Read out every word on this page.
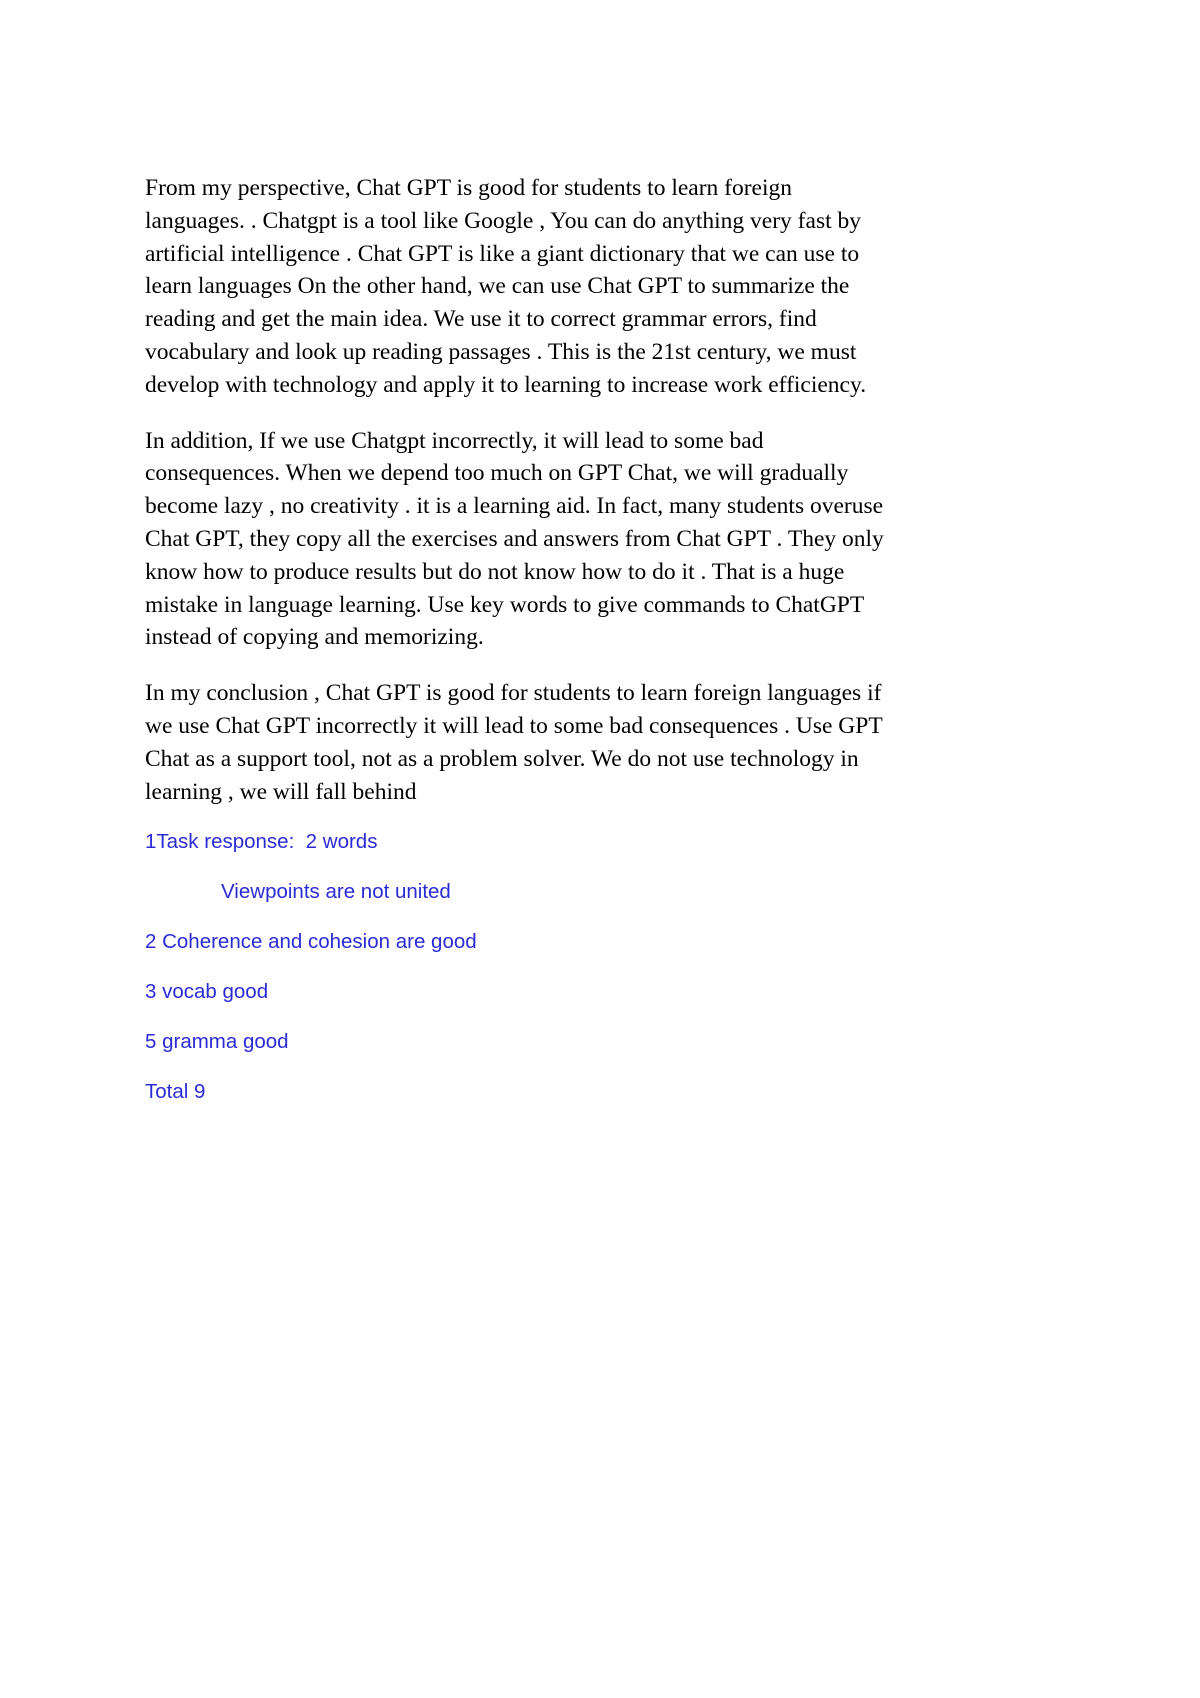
From my perspective, Chat GPT is good for students to learn foreign
languages. . Chatgpt is a tool like Google , You can do anything very fast by
artificial intelligence . Chat GPT is like a giant dictionary that we can use to
learn languages On the other hand, we can use Chat GPT to summarize the
reading and get the main idea. We use it to correct grammar errors, find
vocabulary and look up reading passages . This is the 21st century, we must
develop with technology and apply it to learning to increase work efficiency.

In addition, If we use Chatgpt incorrectly, it will lead to some bad
consequences. When we depend too much on GPT Chat, we will gradually
become lazy , no creativity . it is a learning aid. In fact, many students overuse
Chat GPT, they copy all the exercises and answers from Chat GPT . They only
know how to produce results but do not know how to do it . That is a huge
mistake in language learning. Use key words to give commands to ChatGPT
instead of copying and memorizing.

In my conclusion , Chat GPT is good for students to learn foreign languages if
we use Chat GPT incorrectly it will lead to some bad consequences . Use GPT
Chat as a support tool, not as a problem solver. We do not use technology in
learning , we will fall behind

1Task response:  2 words
Viewpoints are not united
2 Coherence and cohesion are good
3 vocab good
5 gramma good
Total 9
